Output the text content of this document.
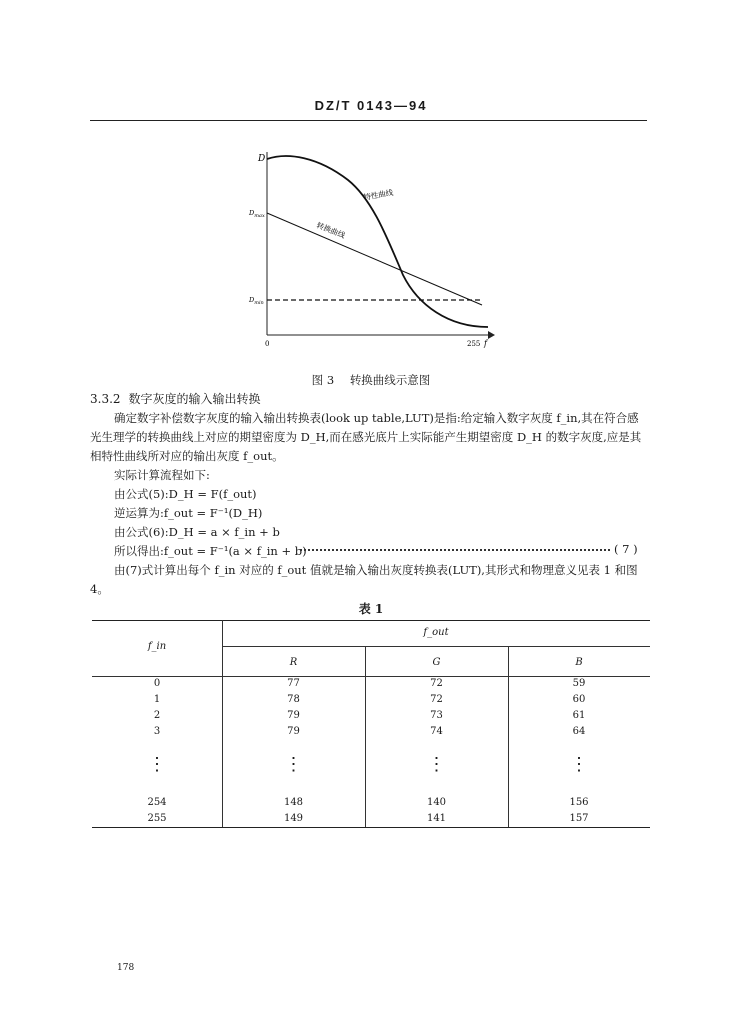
DZ/T 0143—94
D
$D_{max}$
$D_{min}$
0	255 f
特性曲线
转换曲线
图 3 转换曲线示意图
3.3.2 数字灰度的输入输出转换
确定数字补偿数字灰度的输入输出转换表(look up table,LUT)是指:给定输入数字灰度 f_in,其在符合感光生理学的转换曲线上对应的期望密度为 D_H,而在感光底片上实际能产生期望密度 D_H 的数字灰度,应是其相特性曲线所对应的输出灰度 f_out。
实际计算流程如下:
由公式(5):D_H = F(f_out)
逆运算为:f_out = F⁻¹(D_H)
由公式(6):D_H = a × f_in + b
所以得出:f_out = F⁻¹(a × f_in + b)	( 7 )
由(7)式计算出每个 f_in 对应的 f_out 值就是输入输出灰度转换表(LUT),其形式和物理意义见表 1 和图 4。
表 1
f_in
f_out
R	G	B
0	77	72	59
1	78	72	60
2	79	73	61
3	79	74	64
⋮	⋮	⋮	⋮
254	148	140	156
255	149	141	157
178
